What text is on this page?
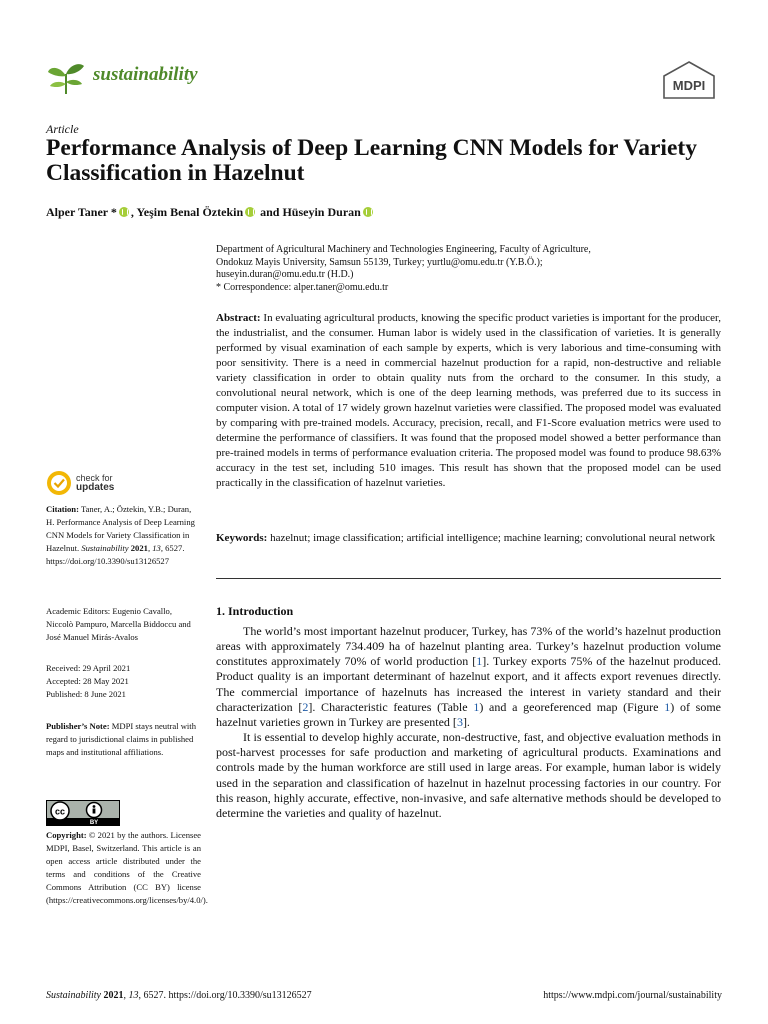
sustainability
MDPI
Article
Performance Analysis of Deep Learning CNN Models for Variety Classification in Hazelnut
Alper Taner * , Yeşim Benal Öztekin and Hüseyin Duran
Department of Agricultural Machinery and Technologies Engineering, Faculty of Agriculture,
Ondokuz Mayis University, Samsun 55139, Turkey; yurtlu@omu.edu.tr (Y.B.Ö.);
huseyin.duran@omu.edu.tr (H.D.)
* Correspondence: alper.taner@omu.edu.tr
Abstract: In evaluating agricultural products, knowing the specific product varieties is important for the producer, the industrialist, and the consumer. Human labor is widely used in the classification of varieties. It is generally performed by visual examination of each sample by experts, which is very laborious and time-consuming with poor sensitivity. There is a need in commercial hazelnut production for a rapid, non-destructive and reliable variety classification in order to obtain quality nuts from the orchard to the consumer. In this study, a convolutional neural network, which is one of the deep learning methods, was preferred due to its success in computer vision. A total of 17 widely grown hazelnut varieties were classified. The proposed model was evaluated by comparing with pre-trained models. Accuracy, precision, recall, and F1-Score evaluation metrics were used to determine the performance of classifiers. It was found that the proposed model showed a better performance than pre-trained models in terms of performance evaluation criteria. The proposed model was found to produce 98.63% accuracy in the test set, including 510 images. This result has shown that the proposed model can be used practically in the classification of hazelnut varieties.
Keywords: hazelnut; image classification; artificial intelligence; machine learning; convolutional neural network
1. Introduction

The world’s most important hazelnut producer, Turkey, has 73% of the world’s hazelnut production areas with approximately 734.409 ha of hazelnut planting area. Turkey’s hazelnut production volume constitutes approximately 70% of world production [1]. Turkey exports 75% of the hazelnut produced. Product quality is an important determinant of hazelnut export, and it affects export revenues directly. The commercial importance of hazelnuts has increased the interest in variety standard and their characterization [2]. Characteristic features (Table 1) and a georeferenced map (Figure 1) of some hazelnut varieties grown in Turkey are presented [3].

It is essential to develop highly accurate, non-destructive, fast, and objective evaluation methods in post-harvest processes for safe production and marketing of agricultural products. Examinations and controls made by the human workforce are still used in large areas. For example, human labor is widely used in the separation and classification of hazelnut in hazelnut processing factories in our country. For this reason, highly accurate, effective, non-invasive, and safe alternative methods should be developed to determine the varieties and quality of hazelnut.

check for
updates
Citation: Taner, A.; Öztekin, Y.B.; Duran, H. Performance Analysis of Deep Learning CNN Models for Variety Classification in Hazelnut. Sustainability 2021, 13, 6527. https://doi.org/10.3390/su13126527
Academic Editors: Eugenio Cavallo, Niccolò Pampuro, Marcella Biddoccu and José Manuel Mirás-Avalos
Received: 29 April 2021
Accepted: 28 May 2021
Published: 8 June 2021
Publisher’s Note: MDPI stays neutral with regard to jurisdictional claims in published maps and institutional affiliations.
cc
BY
Copyright: © 2021 by the authors. Licensee MDPI, Basel, Switzerland. This article is an open access article distributed under the terms and conditions of the Creative Commons Attribution (CC BY) license (https://creativecommons.org/licenses/by/4.0/).
Sustainability 2021, 13, 6527. https://doi.org/10.3390/su13126527	https://www.mdpi.com/journal/sustainability
